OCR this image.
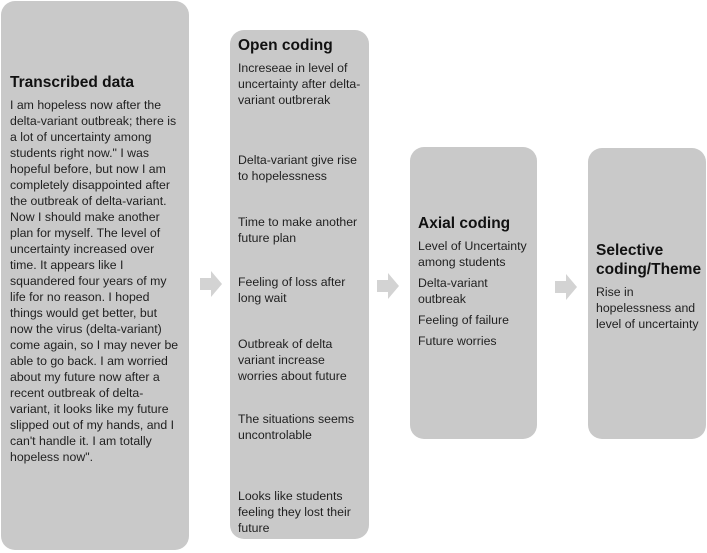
Transcribed data
I am hopeless now after the delta-variant outbreak; there is a lot of uncertainty among students right now." I was hopeful before, but now I am completely disappointed after the outbreak of delta-variant. Now I should make another plan for myself. The level of uncertainty increased over time. It appears like I squandered four years of my life for no reason. I hoped things would get better, but now the virus (delta-variant) come again, so I may never be able to go back. I am worried about my future now after a recent outbreak of delta-variant, it looks like my future slipped out of my hands, and I can't handle it. I am totally hopeless now".
Open coding
Increseae in level of uncertainty after delta-variant outbrerak
Delta-variant give rise to hopelessness
Time to make another future plan
Feeling of loss after long wait
Outbreak of delta variant increase worries about future
The situations seems uncontrolable
Looks like students feeling they lost their future
Axial coding
Level of Uncertainty among students
Delta-variant outbreak
Feeling of failure
Future worries
Selective coding/Theme
Rise in hopelessness and level of uncertainty
